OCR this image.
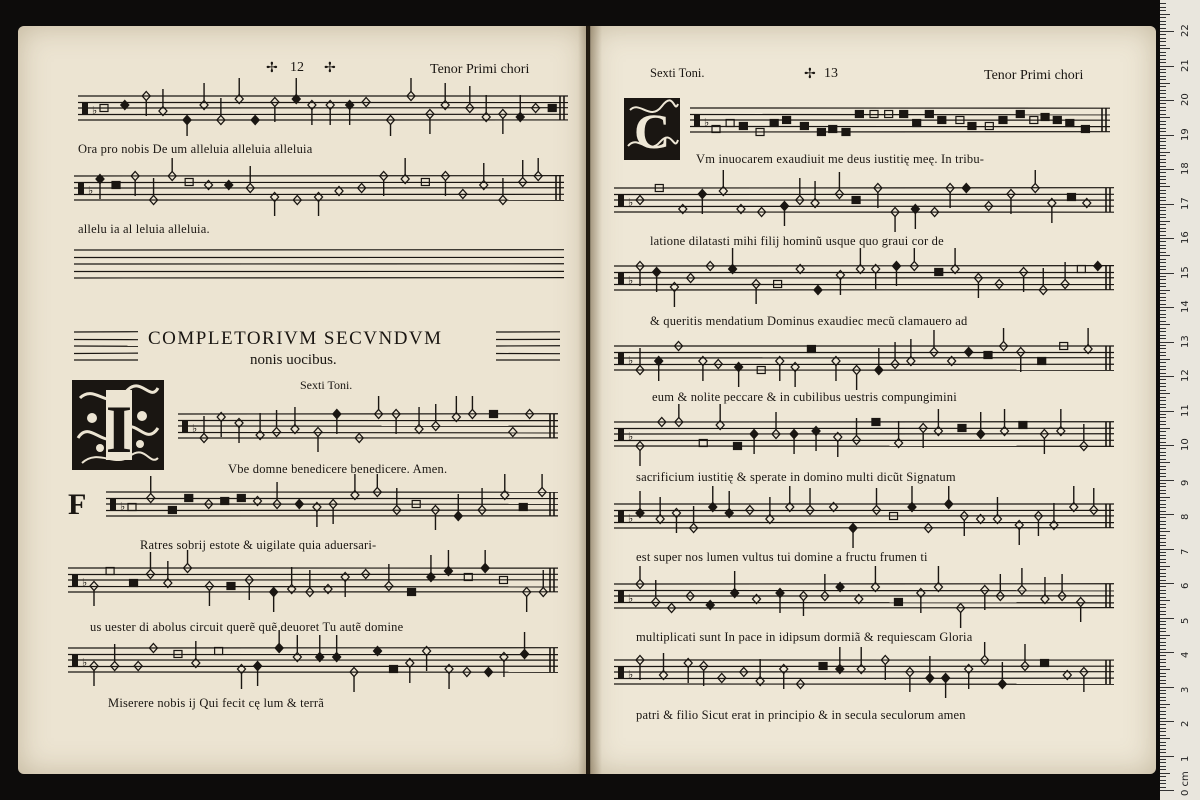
✢ 12 ✢	Tenor Primi chori
♭
Ora pro nobis De um alleluia alleluia alleluia
♭
allelu ia al leluia alleluia.
COMPLETORIVM SECVNDVM
nonis uocibus.
Sexti Toni.
I	♭
Vbe domne benedicere benedicere. Amen.
F	♭
Ratres sobrij estote & uigilate quia aduersari-
♭
us uester di abolus circuit querẽ quẽ deuoret Tu autẽ domine
♭
Miserere nobis ij Qui fecit cę lum & terrã
Sexti Toni.	✢ 13	Tenor Primi chori
C	♭
Vm inuocarem exaudiuit me deus iustitię meę. In tribu-
♭
latione dilatasti mihi filij hominũ usque quo graui cor de
♭
& queritis mendatium Dominus exaudiec mecũ clamauero ad
♭
eum & nolite peccare & in cubilibus uestris compungimini
♭
sacrificium iustitię & sperate in domino multi dicũt Signatum
♭
est super nos lumen vultus tui domine a fructu frumen ti
♭
multiplicati sunt In pace in idipsum dormiã & requiescam Gloria
♭
patri & filio Sicut erat in principio & in secula seculorum amen
0 cm
1
2
3
4
5
6
7
8
9
10
11
12
13
14
15
16
17
18
19
20
21
22
